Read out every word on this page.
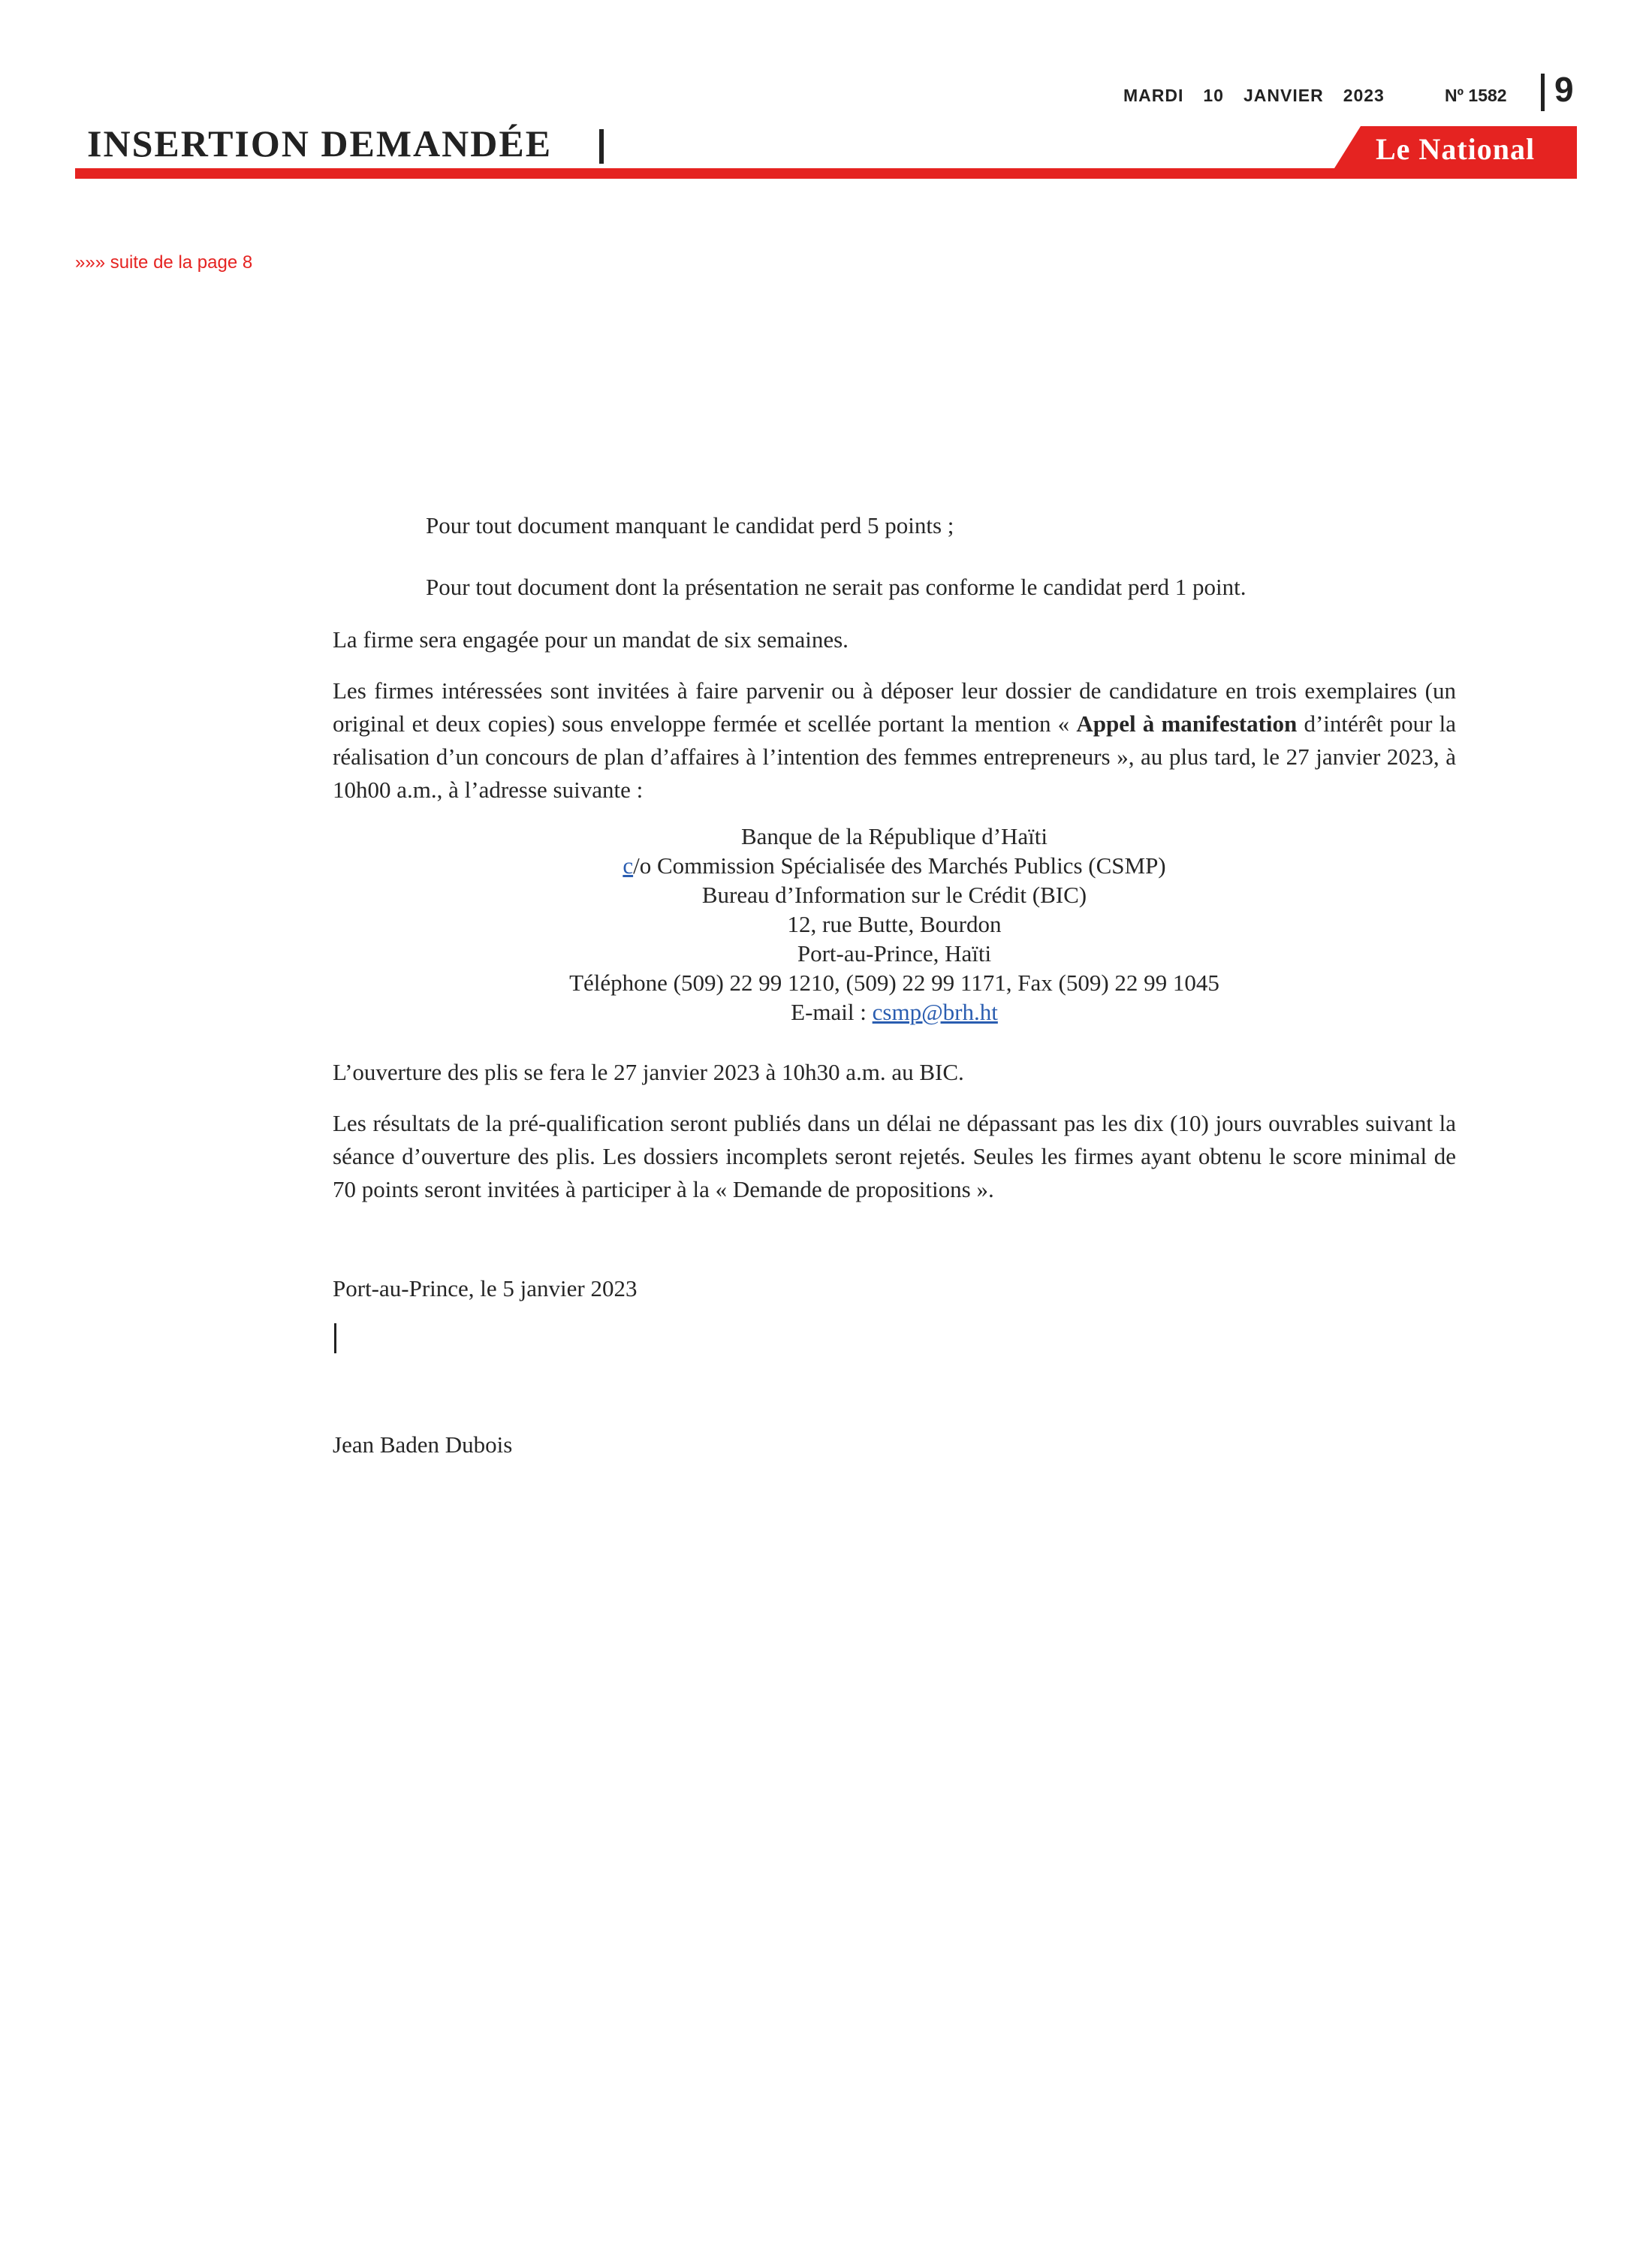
MARDI 10 JANVIER 2023	Nº 1582 9
INSERTION DEMANDÉE	Le National
»»» suite de la page 8
Pour tout document manquant le candidat perd 5 points ;
Pour tout document dont la présentation ne serait pas conforme le candidat perd 1 point.
La firme sera engagée pour un mandat de six semaines.
Les firmes intéressées sont invitées à faire parvenir ou à déposer leur dossier de candidature en trois exemplaires (un original et deux copies) sous enveloppe fermée et scellée portant la mention « Appel à manifestation d’intérêt pour la réalisation d’un concours de plan d’affaires à l’intention des femmes entrepreneurs », au plus tard, le 27 janvier 2023, à 10h00 a.m., à l’adresse suivante :
Banque de la République d’Haïti
c/o Commission Spécialisée des Marchés Publics (CSMP)
Bureau d’Information sur le Crédit (BIC)
12, rue Butte, Bourdon
Port-au-Prince, Haïti
Téléphone (509) 22 99 1210, (509) 22 99 1171, Fax (509) 22 99 1045
E-mail : csmp@brh.ht
L’ouverture des plis se fera le 27 janvier 2023 à 10h30 a.m. au BIC.
Les résultats de la pré-qualification seront publiés dans un délai ne dépassant pas les dix (10) jours ouvrables suivant la séance d’ouverture des plis. Les dossiers incomplets seront rejetés. Seules les firmes ayant obtenu le score minimal de 70 points seront invitées à participer à la « Demande de propositions ».
Port-au-Prince, le 5 janvier 2023
Jean Baden Dubois
